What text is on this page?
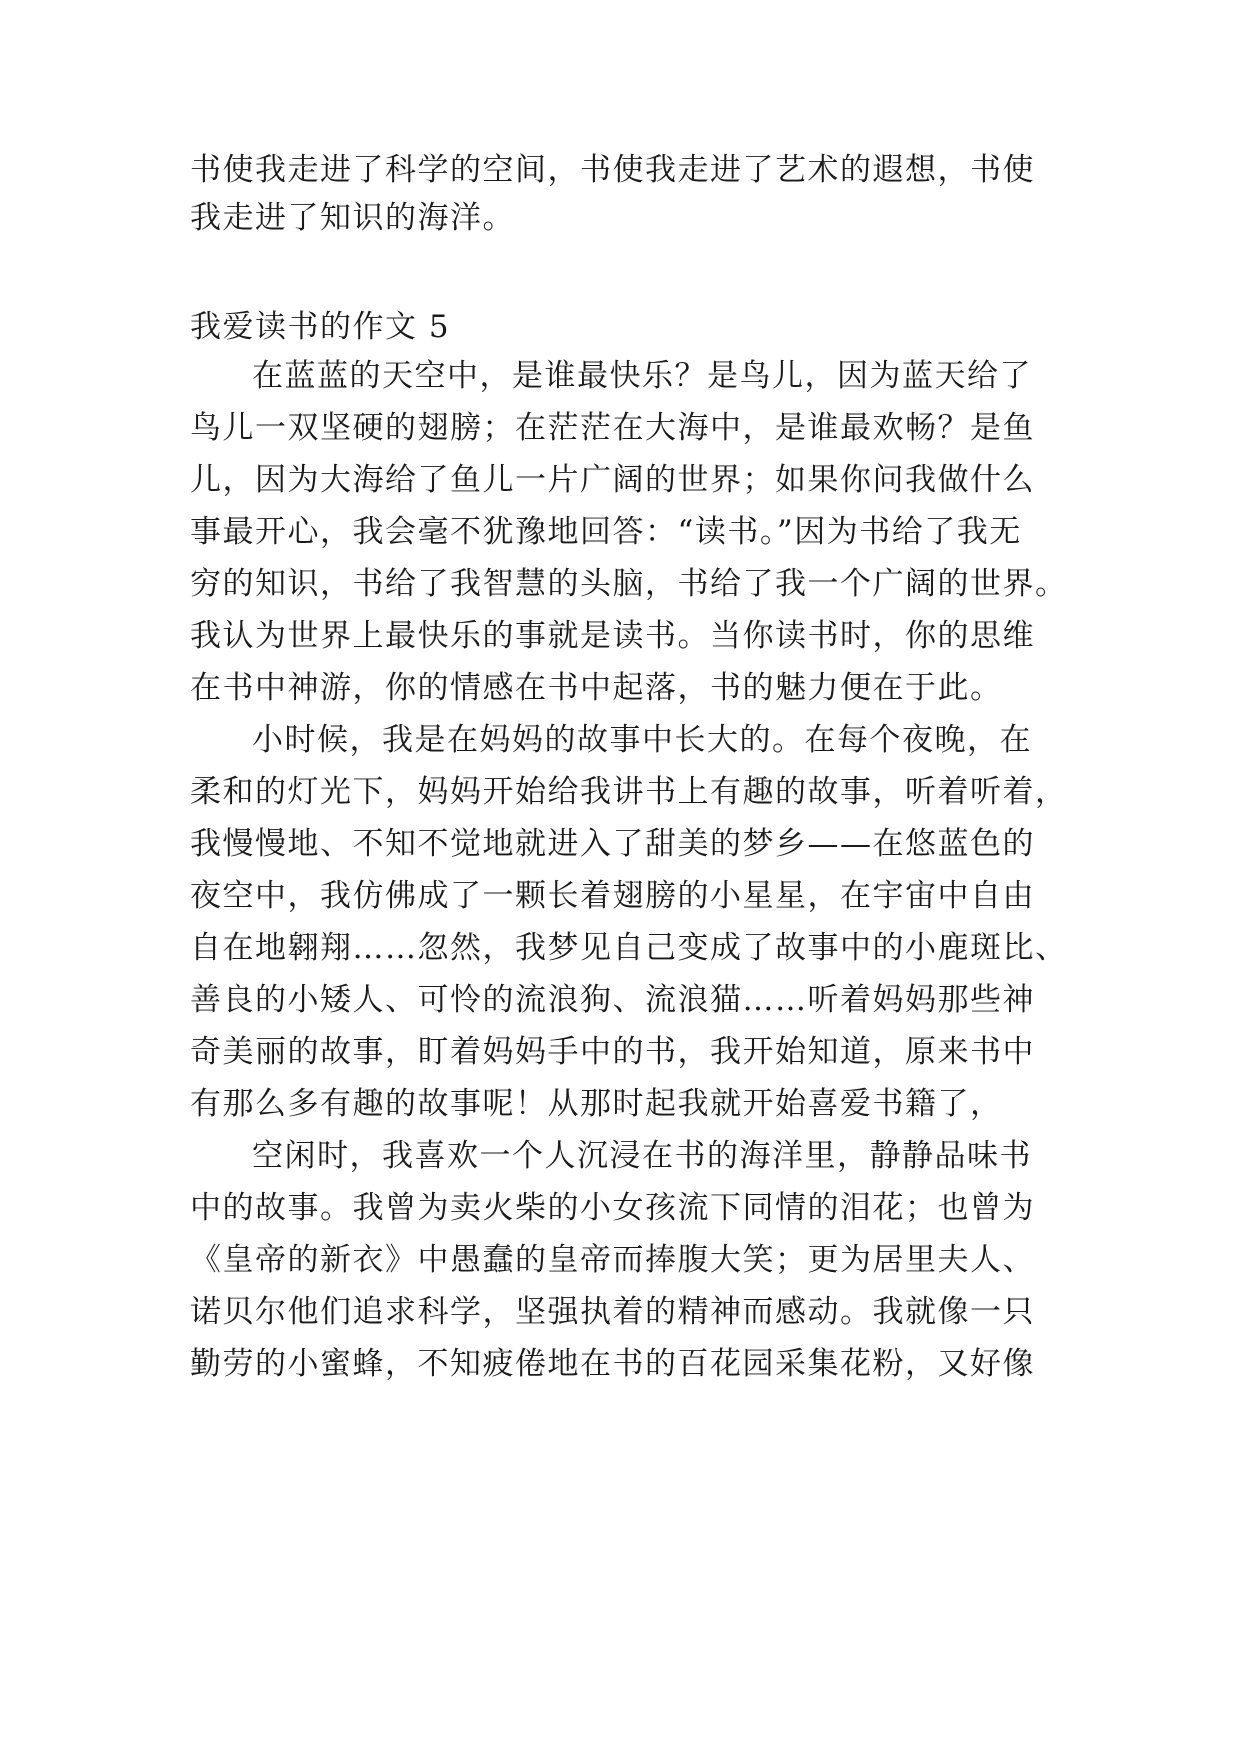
书使我走进了科学的空间，书使我走进了艺术的遐想，书使
我走进了知识的海洋。
我爱读书的作文 5
在蓝蓝的天空中，是谁最快乐？是鸟儿，因为蓝天给了
鸟儿一双坚硬的翅膀；在茫茫在大海中，是谁最欢畅？是鱼
儿，因为大海给了鱼儿一片广阔的世界；如果你问我做什么
事最开心，我会毫不犹豫地回答：“读书。”因为书给了我无
穷的知识，书给了我智慧的头脑，书给了我一个广阔的世界。
我认为世界上最快乐的事就是读书。当你读书时，你的思维
在书中神游，你的情感在书中起落，书的魅力便在于此。
小时候，我是在妈妈的故事中长大的。在每个夜晚，在
柔和的灯光下，妈妈开始给我讲书上有趣的故事，听着听着，
我慢慢地、不知不觉地就进入了甜美的梦乡——在悠蓝色的
夜空中，我仿佛成了一颗长着翅膀的小星星，在宇宙中自由
自在地翱翔……忽然，我梦见自己变成了故事中的小鹿斑比、
善良的小矮人、可怜的流浪狗、流浪猫……听着妈妈那些神
奇美丽的故事，盯着妈妈手中的书，我开始知道，原来书中
有那么多有趣的故事呢！从那时起我就开始喜爱书籍了，
空闲时，我喜欢一个人沉浸在书的海洋里，静静品味书
中的故事。我曾为卖火柴的小女孩流下同情的泪花；也曾为
《皇帝的新衣》中愚蠢的皇帝而捧腹大笑；更为居里夫人、
诺贝尔他们追求科学，坚强执着的精神而感动。我就像一只
勤劳的小蜜蜂，不知疲倦地在书的百花园采集花粉，又好像
